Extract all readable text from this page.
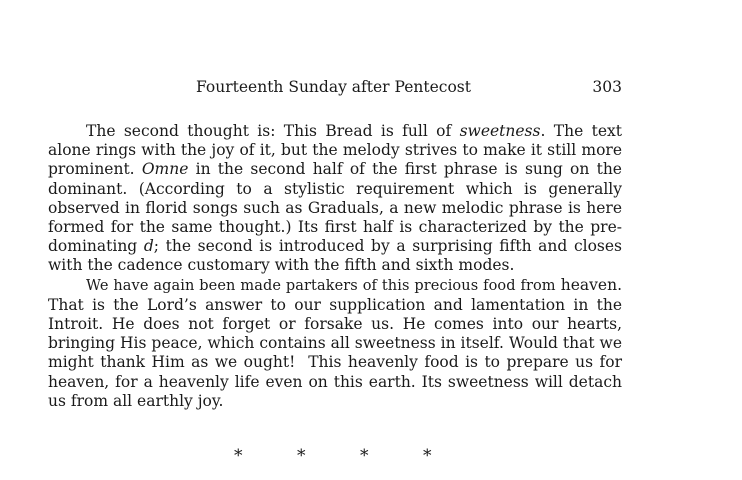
Fourteenth Sunday after Pentecost	303

The second thought is: This Bread is full of sweetness. The text alone rings with the joy of it, but the melody strives to make it still more prominent. Omne in the second half of the first phrase is sung on the dominant. (According to a stylistic requirement which is generally observed in florid songs such as Graduals, a new melodic phrase is here formed for the same thought.) Its first half is characterized by the predominating d; the second is introduced by a surprising fifth and closes with the cadence customary with the fifth and sixth modes.

We have again been made partakers of this precious food from heaven. That is the Lord’s answer to our supplication and lamentation in the Introit. He does not forget or forsake us. He comes into our hearts, bringing His peace, which contains all sweetness in itself. Would that we might thank Him as we ought!  This heavenly food is to prepare us for heaven, for a heavenly life even on this earth. Its sweetness will detach us from all earthly joy.

*	*	*	*
